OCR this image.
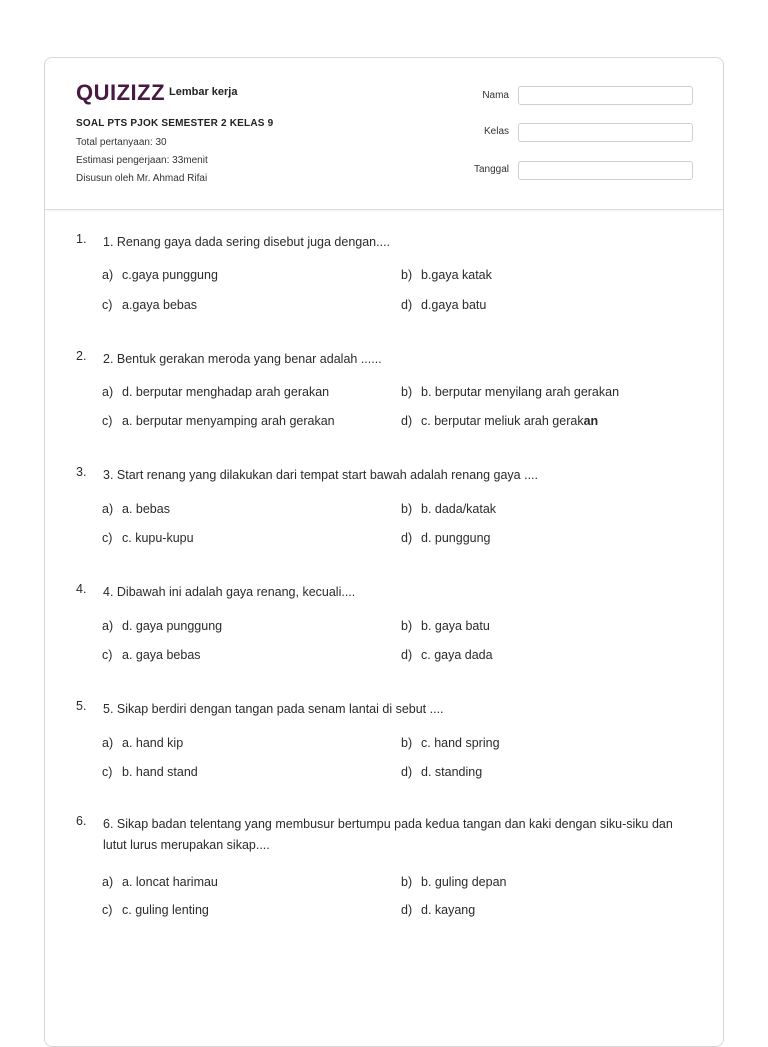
QUIZIZZ Lembar kerja
SOAL PTS PJOK SEMESTER 2 KELAS 9
Total pertanyaan: 30
Estimasi pengerjaan: 33menit
Disusun oleh Mr. Ahmad Rifai
Nama
Kelas
Tanggal
1. 1. Renang gaya dada sering disebut juga dengan....
a) c.gaya punggung	b) b.gaya katak
c) a.gaya bebas	d) d.gaya batu
2. 2. Bentuk gerakan meroda yang benar adalah ......
a) d. berputar menghadap arah gerakan	b) b. berputar menyilang arah gerakan
c) a. berputar menyamping arah gerakan	d) c. berputar meliuk arah gerakan
3. 3. Start renang yang dilakukan dari tempat start bawah adalah renang gaya ....
a) a. bebas	b) b. dada/katak
c) c. kupu-kupu	d) d. punggung
4. 4. Dibawah ini adalah gaya renang, kecuali....
a) d. gaya punggung	b) b. gaya batu
c) a. gaya bebas	d) c. gaya dada
5. 5. Sikap berdiri dengan tangan pada senam lantai di sebut ....
a) a. hand kip	b) c. hand spring
c) b. hand stand	d) d. standing
6. 6. Sikap badan telentang yang membusur bertumpu pada kedua tangan dan kaki dengan siku-siku dan lutut lurus merupakan sikap....
a) a. loncat harimau	b) b. guling depan
c) c. guling lenting	d) d. kayang
